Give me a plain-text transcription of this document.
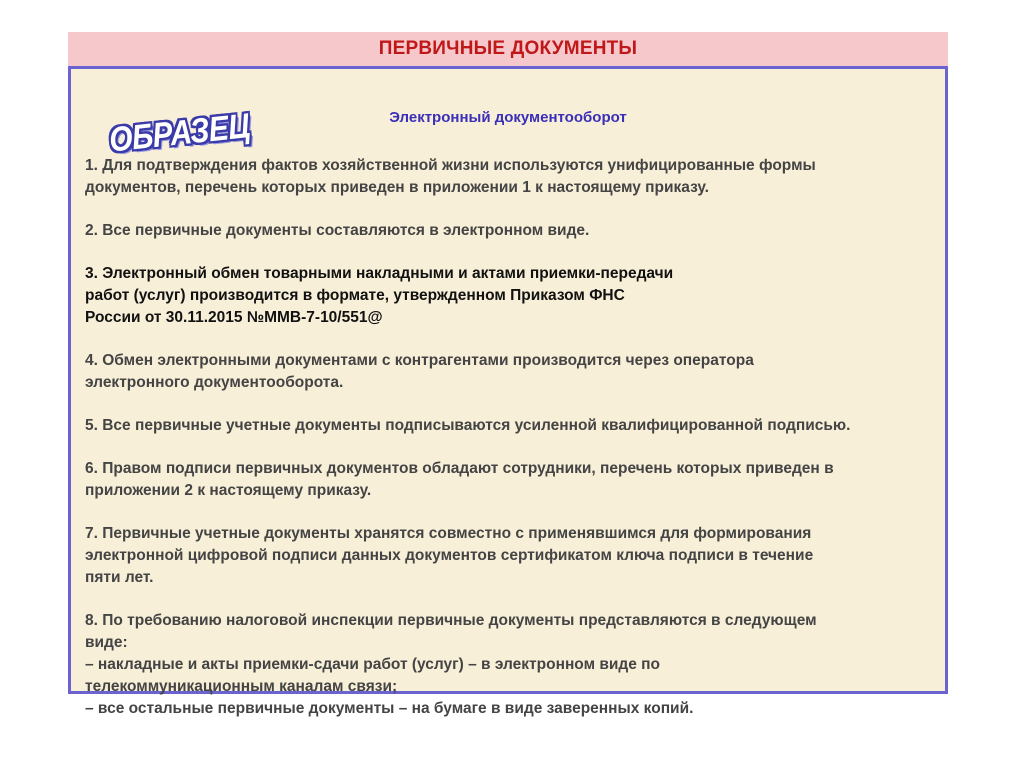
ПЕРВИЧНЫЕ ДОКУМЕНТЫ
ОБРАЗЕЦ	Электронный документооборот
1. Для подтверждения фактов хозяйственной жизни используются унифицированные формы
документов, перечень которых приведен в приложении 1 к настоящему приказу.
2. Все первичные документы составляются в электронном виде.
3. Электронный обмен товарными накладными и актами приемки-передачи
работ (услуг) производится в формате, утвержденном Приказом ФНС
России от 30.11.2015 №ММВ-7-10/551@
4. Обмен электронными документами с контрагентами производится через оператора
электронного документооборота.
5. Все первичные учетные документы подписываются усиленной квалифицированной подписью.
6. Правом подписи первичных документов обладают сотрудники, перечень которых приведен в
приложении 2 к настоящему приказу.
7. Первичные учетные документы хранятся совместно с применявшимся для формирования
электронной цифровой подписи данных документов сертификатом ключа подписи в течение
пяти лет.
8. По требованию налоговой инспекции первичные документы представляются в следующем
виде:
– накладные и акты приемки-сдачи работ (услуг) – в электронном виде по
телекоммуникационным каналам связи;
– все остальные первичные документы – на бумаге в виде заверенных копий.
